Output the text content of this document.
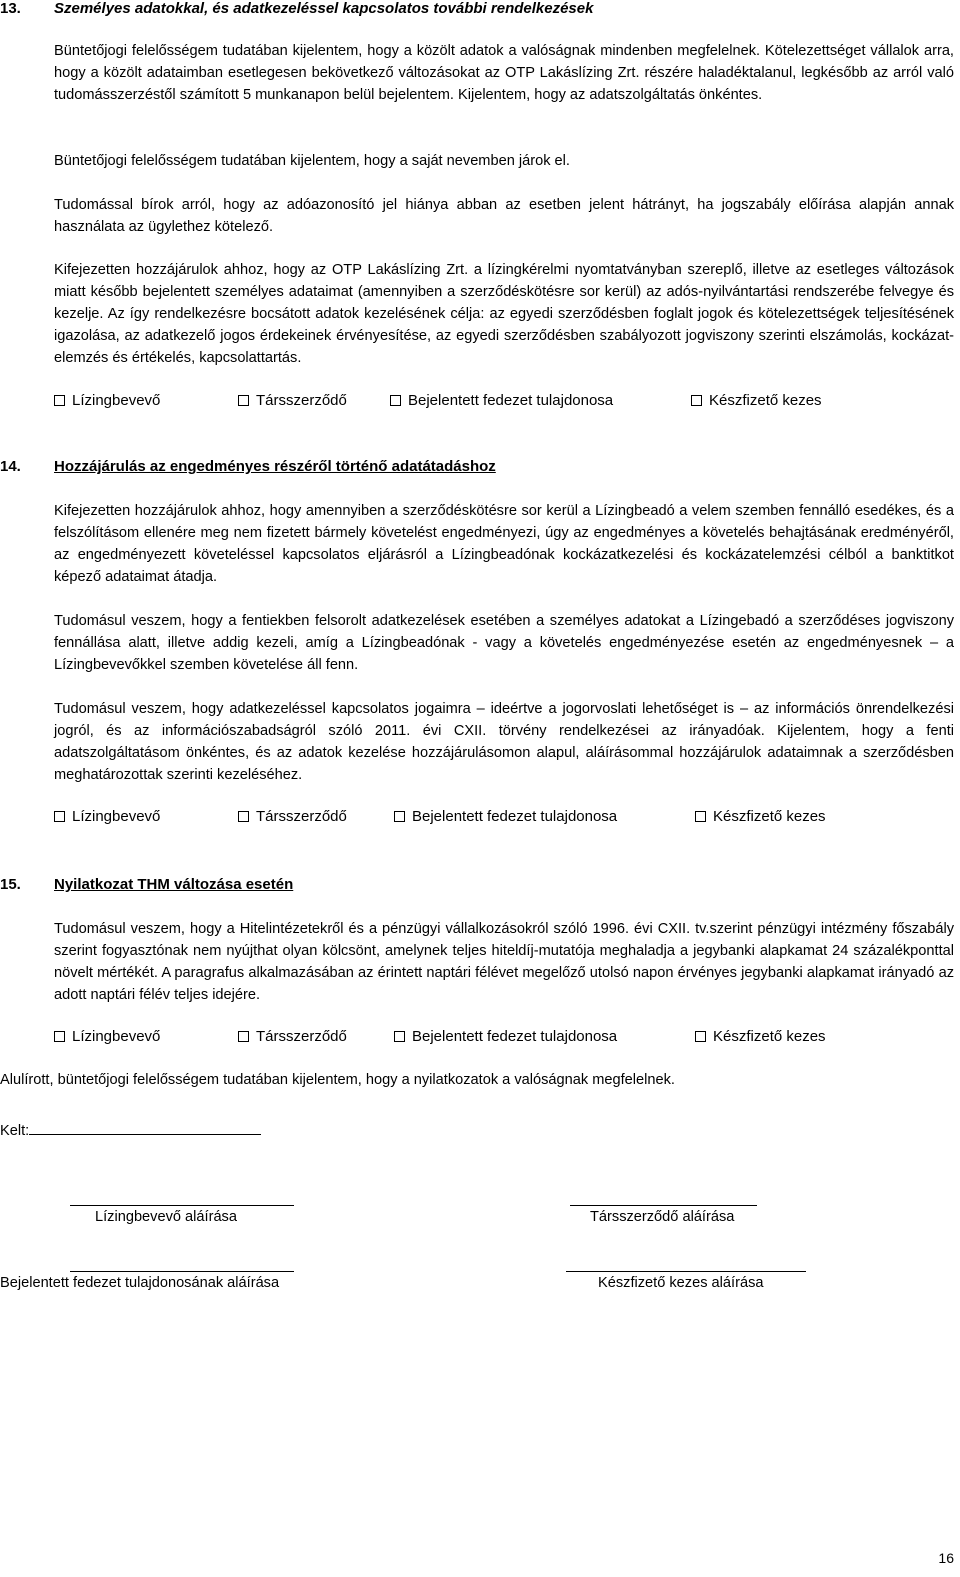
13.	Személyes adatokkal, és adatkezeléssel kapcsolatos további rendelkezések

Büntetőjogi felelősségem tudatában kijelentem, hogy a közölt adatok a valóságnak mindenben megfelelnek. Kötelezettséget vállalok arra, hogy a közölt adataimban esetlegesen bekövetkező változásokat az OTP Lakáslízing Zrt. részére haladéktalanul, legkésőbb az arról való tudomásszerzéstől számított 5 munkanapon belül bejelentem. Kijelentem, hogy az adatszolgáltatás önkéntes.

Büntetőjogi felelősségem tudatában kijelentem, hogy a saját nevemben járok el.

Tudomással bírok arról, hogy az adóazonosító jel hiánya abban az esetben jelent hátrányt, ha jogszabály előírása alapján annak használata az ügylethez kötelező.

Kifejezetten hozzájárulok ahhoz, hogy az OTP Lakáslízing Zrt. a lízingkérelmi nyomtatványban szereplő, illetve az esetleges változások miatt később bejelentett személyes adataimat (amennyiben a szerződéskötésre sor kerül) az adós-nyilvántartási rendszerébe felvegye és kezelje. Az így rendelkezésre bocsátott adatok kezelésének célja: az egyedi szerződésben foglalt jogok és kötelezettségek teljesítésének igazolása, az adatkezelő jogos érdekeinek érvényesítése, az egyedi szerződésben szabályozott jogviszony szerinti elszámolás, kockázat-elemzés és értékelés, kapcsolattartás.

Lízingbevevő	Társszerződő	Bejelentett fedezet tulajdonosa	Készfizető kezes
14.	Hozzájárulás az engedményes részéről történő adatátadáshoz

Kifejezetten hozzájárulok ahhoz, hogy amennyiben a szerződéskötésre sor kerül a Lízingbeadó a velem szemben fennálló esedékes, és a felszólításom ellenére meg nem fizetett bármely követelést engedményezi, úgy az engedményes a követelés behajtásának eredményéről, az engedményezett követeléssel kapcsolatos eljárásról a Lízingbeadónak kockázatkezelési és kockázatelemzési célból a banktitkot képező adataimat átadja.

Tudomásul veszem, hogy a fentiekben felsorolt adatkezelések esetében a személyes adatokat a Lízingebadó a szerződéses jogviszony fennállása alatt, illetve addig kezeli, amíg a Lízingbeadónak - vagy a követelés engedményezése esetén az engedményesnek – a Lízingbevevőkkel szemben követelése áll fenn.

Tudomásul veszem, hogy adatkezeléssel kapcsolatos jogaimra – ideértve a jogorvoslati lehetőséget is – az információs önrendelkezési jogról, és az információszabadságról szóló 2011. évi CXII. törvény rendelkezései az irányadóak. Kijelentem, hogy a fenti adatszolgáltatásom önkéntes, és az adatok kezelése hozzájárulásomon alapul, aláírásommal hozzájárulok adataimnak a szerződésben meghatározottak szerinti kezeléséhez.

Lízingbevevő	Társszerződő	Bejelentett fedezet tulajdonosa	Készfizető kezes
15.	Nyilatkozat THM változása esetén

Tudomásul veszem, hogy a Hitelintézetekről és a pénzügyi vállalkozásokról szóló 1996. évi CXII. tv.szerint pénzügyi intézmény főszabály szerint fogyasztónak nem nyújthat olyan kölcsönt, amelynek teljes hiteldíj-mutatója meghaladja a jegybanki alapkamat 24 százalékponttal növelt mértékét. A paragrafus alkalmazásában az érintett naptári félévet megelőző utolsó napon érvényes jegybanki alapkamat irányadó az adott naptári félév teljes idejére.

Lízingbevevő	Társszerződő	Bejelentett fedezet tulajdonosa	Készfizető kezes
Alulírott, büntetőjogi felelősségem tudatában kijelentem, hogy a nyilatkozatok a valóságnak megfelelnek.
Kelt:
Lízingbevevő aláírása	Társszerződő aláírása
Bejelentett fedezet tulajdonosának aláírása	Készfizető kezes aláírása
16
